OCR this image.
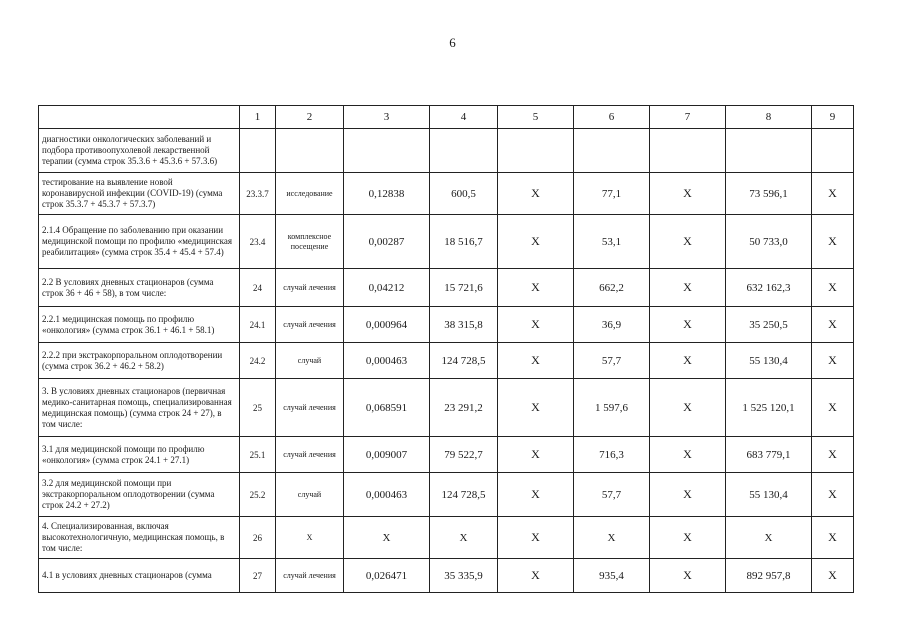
6
	1	2	3	4	5	6	7	8	9
диагностики онкологических заболеваний и подбора противоопухолевой лекарственной терапии (сумма строк 35.3.6 + 45.3.6 + 57.3.6)									
тестирование на выявление новой коронавирусной инфекции (COVID-19) (сумма строк 35.3.7 + 45.3.7 + 57.3.7)	23.3.7	исследование	0,12838	600,5	X	77,1	X	73 596,1	X
2.1.4 Обращение по заболеванию при оказании медицинской помощи по профилю «медицинская реабилитация» (сумма строк 35.4 + 45.4 + 57.4)	23.4	комплексное посещение	0,00287	18 516,7	X	53,1	X	50 733,0	X
2.2 В условиях дневных стационаров (сумма строк 36 + 46 + 58), в том числе:	24	случай лечения	0,04212	15 721,6	X	662,2	X	632 162,3	X
2.2.1 медицинская помощь по профилю «онкология» (сумма строк 36.1 + 46.1 + 58.1)	24.1	случай лечения	0,000964	38 315,8	X	36,9	X	35 250,5	X
2.2.2 при экстракорпоральном оплодотворении (сумма строк 36.2 + 46.2 + 58.2)	24.2	случай	0,000463	124 728,5	X	57,7	X	55 130,4	X
3. В условиях дневных стационаров (первичная медико-санитарная помощь, специализированная медицинская помощь) (сумма строк 24 + 27), в том числе:	25	случай лечения	0,068591	23 291,2	X	1 597,6	X	1 525 120,1	X
3.1 для медицинской помощи по профилю «онкология» (сумма строк 24.1 + 27.1)	25.1	случай лечения	0,009007	79 522,7	X	716,3	X	683 779,1	X
3.2 для медицинской помощи при экстракорпоральном оплодотворении (сумма строк 24.2 + 27.2)	25.2	случай	0,000463	124 728,5	X	57,7	X	55 130,4	X
4. Специализированная, включая высокотехнологичную, медицинская помощь, в том числе:	26	X	X	X	X	X	X	X	X
4.1 в условиях дневных стационаров (сумма	27	случай лечения	0,026471	35 335,9	X	935,4	X	892 957,8	X
